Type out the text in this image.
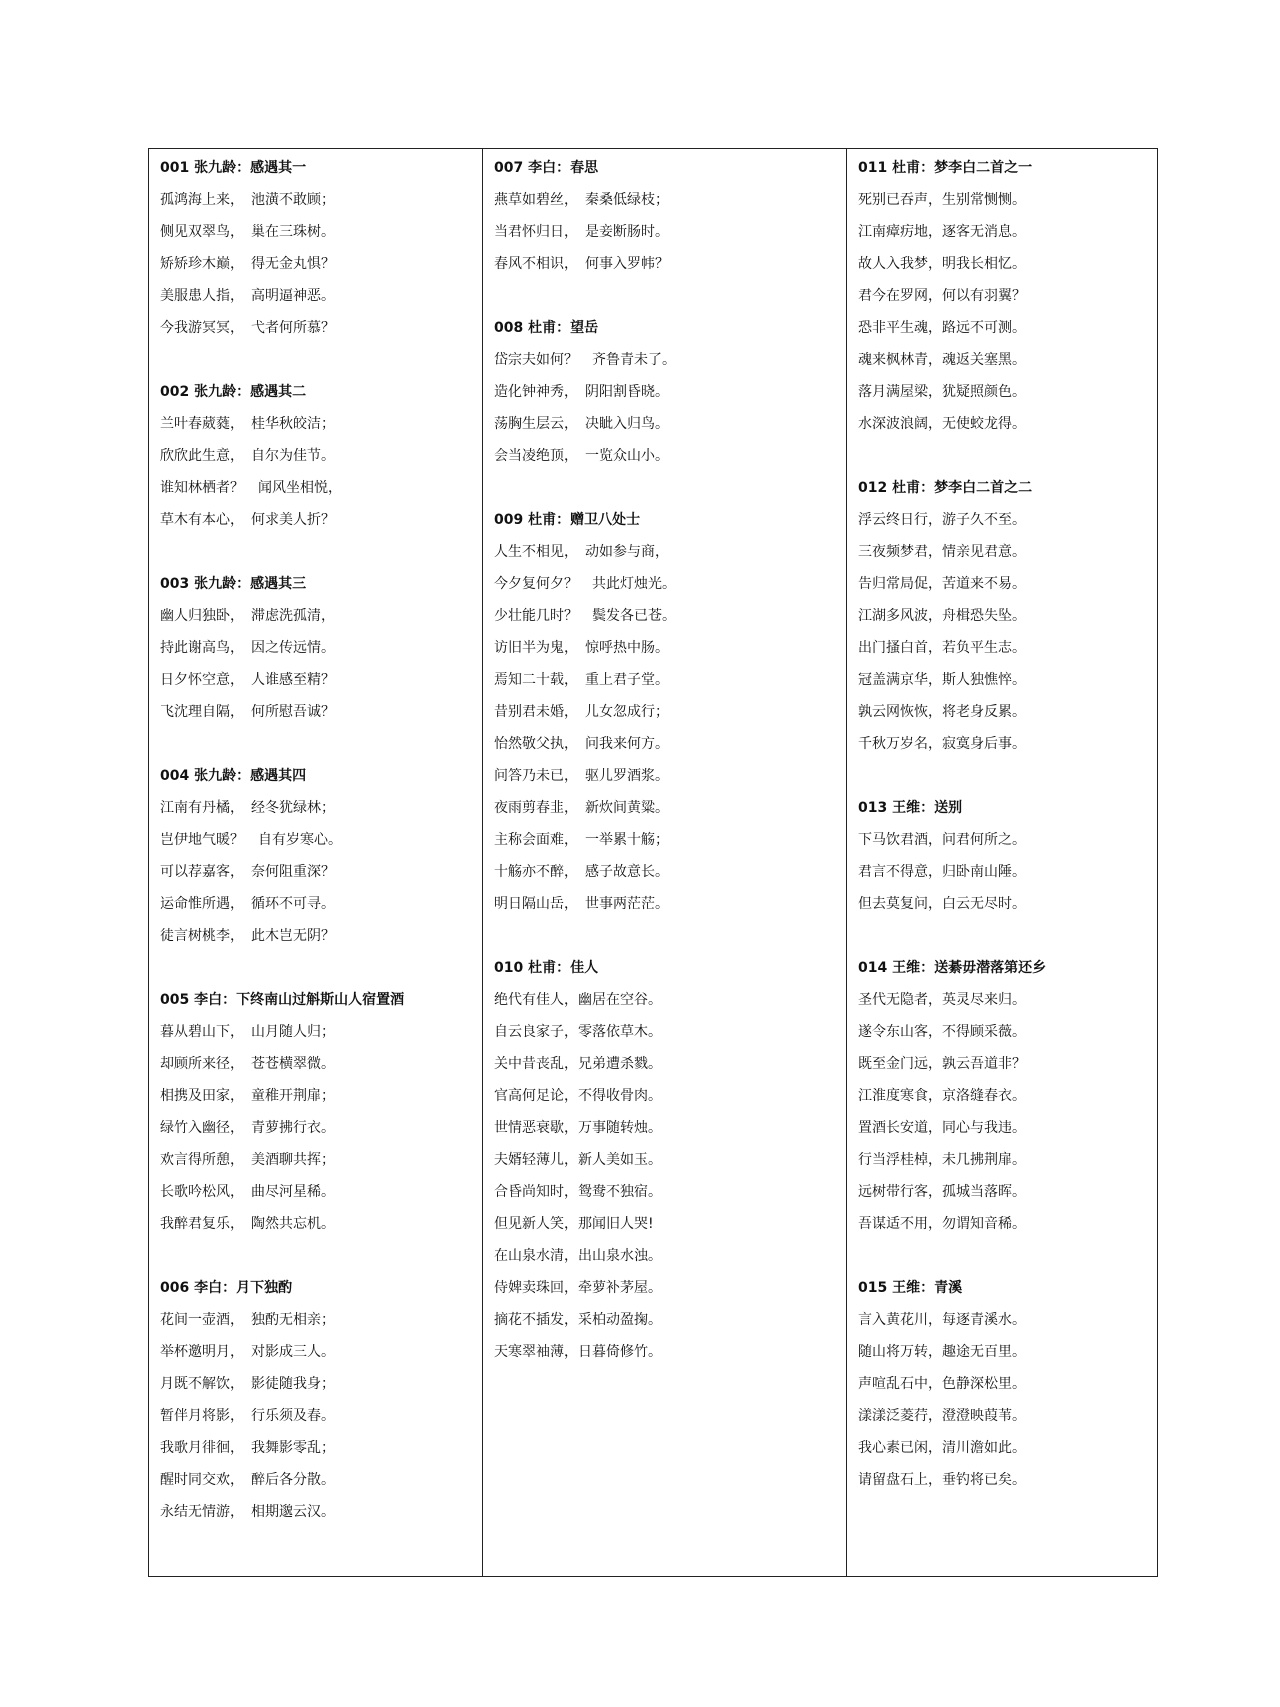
001 张九龄：感遇其一
孤鸿海上来，　池潢不敢顾；
侧见双翠鸟，　巢在三珠树。
矫矫珍木巅，　得无金丸惧？
美服患人指，　高明逼神恶。
今我游冥冥，　弋者何所慕？
002 张九龄：感遇其二
兰叶春葳蕤，　桂华秋皎洁；
欣欣此生意，　自尔为佳节。
谁知林栖者？　闻风坐相悦，
草木有本心，　何求美人折？
003 张九龄：感遇其三
幽人归独卧，　滞虑洗孤清，
持此谢高鸟，　因之传远情。
日夕怀空意，　人谁感至精？
飞沈理自隔，　何所慰吾诚？
004 张九龄：感遇其四
江南有丹橘，　经冬犹绿林；
岂伊地气暖？　自有岁寒心。
可以荐嘉客，　奈何阻重深？
运命惟所遇，　循环不可寻。
徒言树桃李，　此木岂无阴？
005 李白：下终南山过斛斯山人宿置酒
暮从碧山下，　山月随人归；
却顾所来径，　苍苍横翠微。
相携及田家，　童稚开荆扉；
绿竹入幽径，　青萝拂行衣。
欢言得所憩，　美酒聊共挥；
长歌吟松风，　曲尽河星稀。
我醉君复乐，　陶然共忘机。
006 李白：月下独酌
花间一壶酒，　独酌无相亲；
举杯邀明月，　对影成三人。
月既不解饮，　影徒随我身；
暂伴月将影，　行乐须及春。
我歌月徘徊，　我舞影零乱；
醒时同交欢，　醉后各分散。
永结无情游，　相期邈云汉。
007 李白：春思
燕草如碧丝，　秦桑低绿枝；
当君怀归日，　是妾断肠时。
春风不相识，　何事入罗帏？
008 杜甫：望岳
岱宗夫如何？　齐鲁青未了。
造化钟神秀，　阴阳割昏晓。
荡胸生层云，　决眦入归鸟。
会当凌绝顶，　一览众山小。
009 杜甫：赠卫八处士
人生不相见，　动如参与商，
今夕复何夕？　共此灯烛光。
少壮能几时？　鬓发各已苍。
访旧半为鬼，　惊呼热中肠。
焉知二十载，　重上君子堂。
昔别君未婚，　儿女忽成行；
怡然敬父执，　问我来何方。
问答乃未已，　驱儿罗酒浆。
夜雨剪春韭，　新炊间黄粱。
主称会面难，　一举累十觞；
十觞亦不醉，　感子故意长。
明日隔山岳，　世事两茫茫。
010 杜甫：佳人
绝代有佳人，幽居在空谷。
自云良家子，零落依草木。
关中昔丧乱，兄弟遭杀戮。
官高何足论，不得收骨肉。
世情恶衰歇，万事随转烛。
夫婿轻薄儿，新人美如玉。
合昏尚知时，鸳鸯不独宿。
但见新人笑，那闻旧人哭!
在山泉水清，出山泉水浊。
侍婢卖珠回，牵萝补茅屋。
摘花不插发，采柏动盈掬。
天寒翠袖薄，日暮倚修竹。
011 杜甫：梦李白二首之一
死别已吞声，生别常恻恻。
江南瘴疠地，逐客无消息。
故人入我梦，明我长相忆。
君今在罗网，何以有羽翼？
恐非平生魂，路远不可测。
魂来枫林青，魂返关塞黑。
落月满屋梁，犹疑照颜色。
水深波浪阔，无使蛟龙得。
012 杜甫：梦李白二首之二
浮云终日行，游子久不至。
三夜频梦君，情亲见君意。
告归常局促，苦道来不易。
江湖多风波，舟楫恐失坠。
出门搔白首，若负平生志。
冠盖满京华，斯人独憔悴。
孰云网恢恢，将老身反累。
千秋万岁名，寂寞身后事。
013 王维：送别
下马饮君酒，问君何所之。
君言不得意，归卧南山陲。
但去莫复问，白云无尽时。
014 王维：送綦毋潜落第还乡
圣代无隐者，英灵尽来归。
遂令东山客，不得顾采薇。
既至金门远，孰云吾道非？
江淮度寒食，京洛缝春衣。
置酒长安道，同心与我违。
行当浮桂棹，未几拂荆扉。
远树带行客，孤城当落晖。
吾谋适不用，勿谓知音稀。
015 王维：青溪
言入黄花川，每逐青溪水。
随山将万转，趣途无百里。
声喧乱石中，色静深松里。
漾漾泛菱荇，澄澄映葭苇。
我心素已闲，清川澹如此。
请留盘石上，垂钓将已矣。
